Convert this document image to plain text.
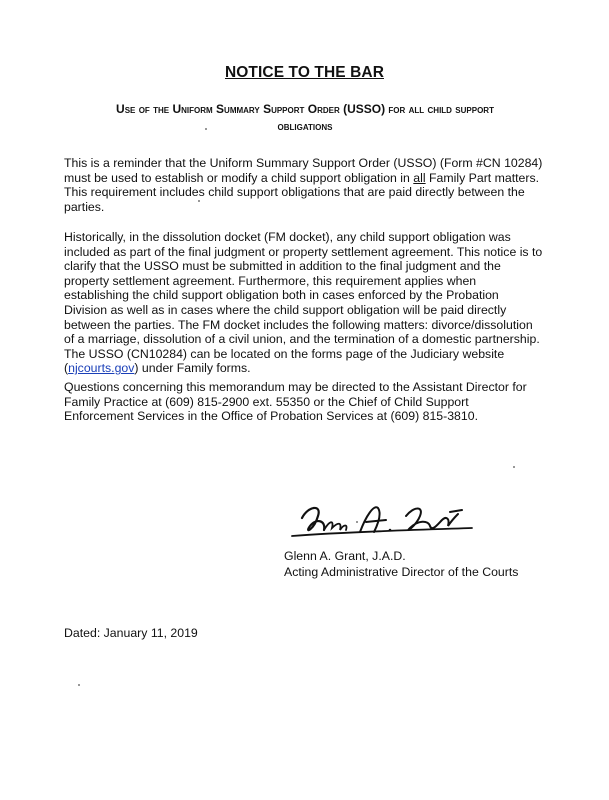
NOTICE TO THE BAR
Use of the Uniform Summary Support Order (USSO) for all child support
obligations

This is a reminder that the Uniform Summary Support Order (USSO) (Form #CN 10284)
must be used to establish or modify a child support obligation in all Family Part matters.
This requirement includes child support obligations that are paid directly between the
parties.

Historically, in the dissolution docket (FM docket), any child support obligation was
included as part of the final judgment or property settlement agreement. This notice is to
clarify that the USSO must be submitted in addition to the final judgment and the
property settlement agreement. Furthermore, this requirement applies when
establishing the child support obligation both in cases enforced by the Probation
Division as well as in cases where the child support obligation will be paid directly
between the parties. The FM docket includes the following matters: divorce/dissolution
of a marriage, dissolution of a civil union, and the termination of a domestic partnership.
The USSO (CN10284) can be located on the forms page of the Judiciary website
(njcourts.gov) under Family forms.

Questions concerning this memorandum may be directed to the Assistant Director for
Family Practice at (609) 815-2900 ext. 55350 or the Chief of Child Support
Enforcement Services in the Office of Probation Services at (609) 815-3810.

Glenn A. Grant, J.A.D.
Acting Administrative Director of the Courts
Dated: January 11, 2019
